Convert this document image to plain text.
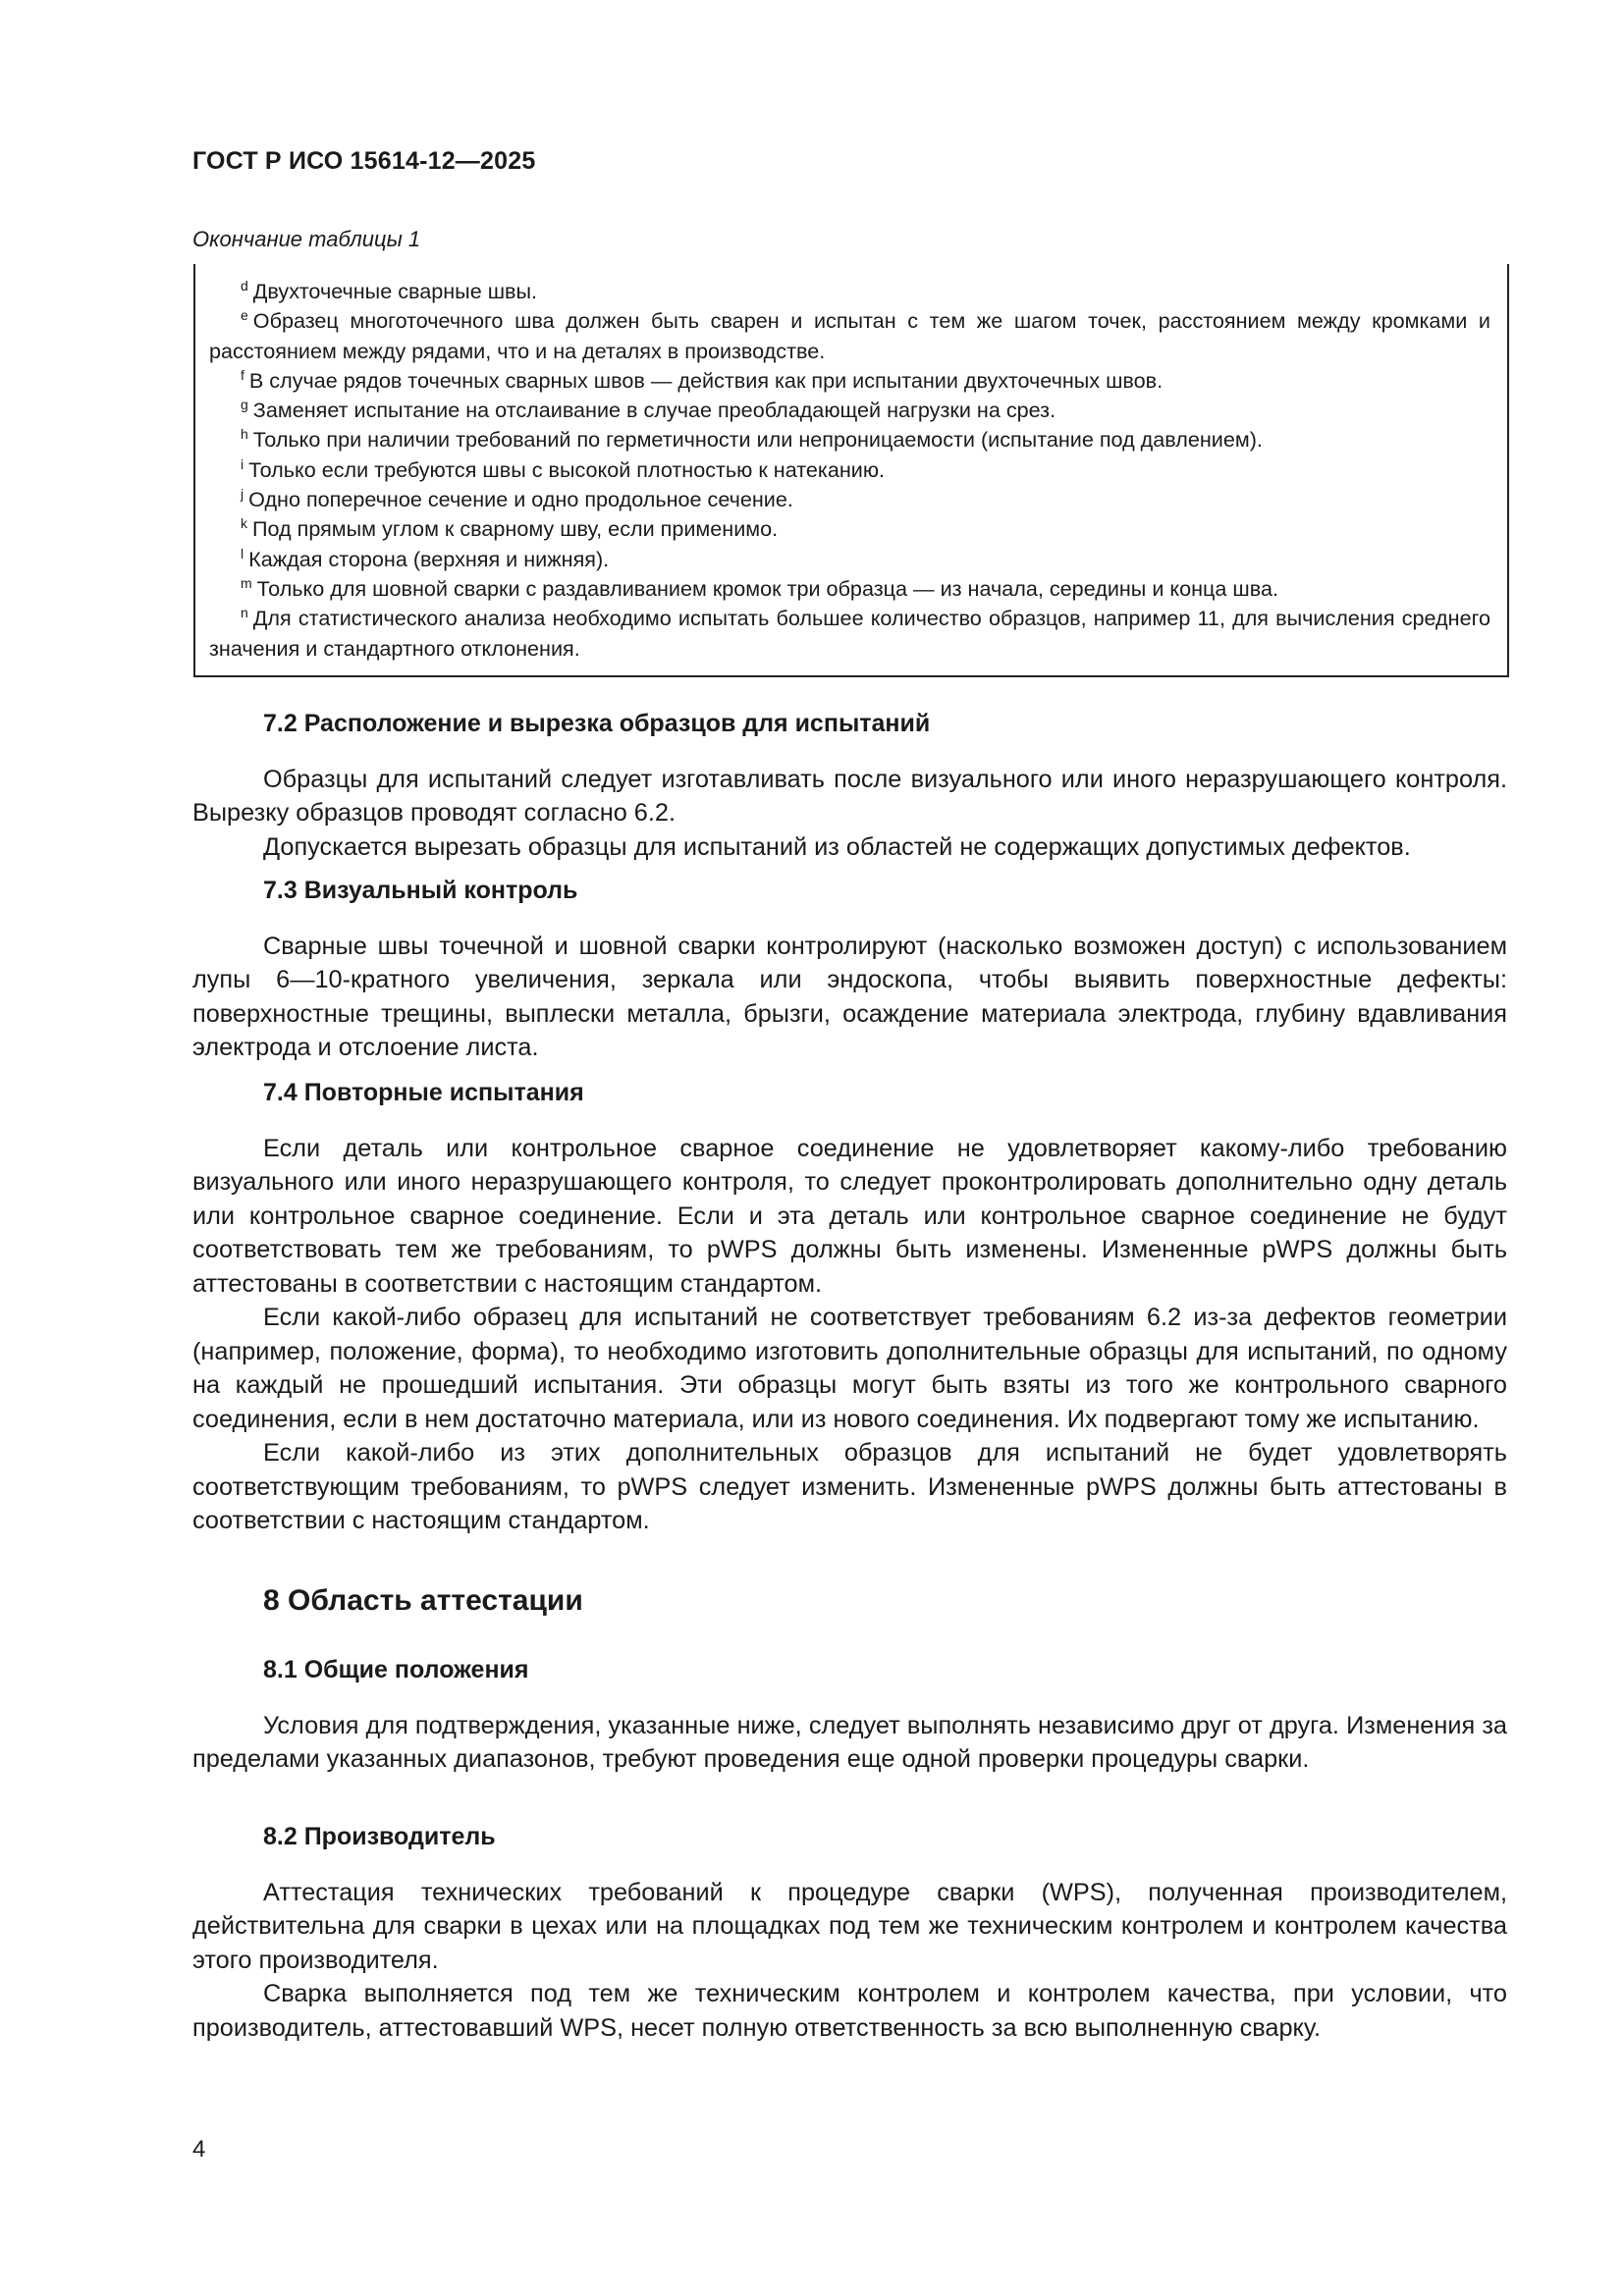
ГОСТ Р ИСО 15614-12—2025
Окончание таблицы 1

$^d$ Двухточечные сварные швы.

$^e$ Образец многоточечного шва должен быть сварен и испытан с тем же шагом точек, расстоянием между кромками и расстоянием между рядами, что и на деталях в производстве.

$^f$ В случае рядов точечных сварных швов — действия как при испытании двухточечных швов.

$^g$ Заменяет испытание на отслаивание в случае преобладающей нагрузки на срез.

$^h$ Только при наличии требований по герметичности или непроницаемости (испытание под давлением).

$^i$ Только если требуются швы с высокой плотностью к натеканию.

$^j$ Одно поперечное сечение и одно продольное сечение.

$^k$ Под прямым углом к сварному шву, если применимо.

$^l$ Каждая сторона (верхняя и нижняя).

$^m$ Только для шовной сварки с раздавливанием кромок три образца — из начала, середины и конца шва.

$^n$ Для статистического анализа необходимо испытать большее количество образцов, например 11, для вычисления среднего значения и стандартного отклонения.

7.2 Расположение и вырезка образцов для испытаний

Образцы для испытаний следует изготавливать после визуального или иного неразрушающего контроля. Вырезку образцов проводят согласно 6.2.

Допускается вырезать образцы для испытаний из областей не содержащих допустимых дефектов.

7.3 Визуальный контроль

Сварные швы точечной и шовной сварки контролируют (насколько возможен доступ) с использованием лупы 6—10-кратного увеличения, зеркала или эндоскопа, чтобы выявить поверхностные дефекты: поверхностные трещины, выплески металла, брызги, осаждение материала электрода, глубину вдавливания электрода и отслоение листа.

7.4 Повторные испытания

Если деталь или контрольное сварное соединение не удовлетворяет какому-либо требованию визуального или иного неразрушающего контроля, то следует проконтролировать дополнительно одну деталь или контрольное сварное соединение. Если и эта деталь или контрольное сварное соединение не будут соответствовать тем же требованиям, то pWPS должны быть изменены. Измененные pWPS должны быть аттестованы в соответствии с настоящим стандартом.

Если какой-либо образец для испытаний не соответствует требованиям 6.2 из-за дефектов геометрии (например, положение, форма), то необходимо изготовить дополнительные образцы для испытаний, по одному на каждый не прошедший испытания. Эти образцы могут быть взяты из того же контрольного сварного соединения, если в нем достаточно материала, или из нового соединения. Их подвергают тому же испытанию.

Если какой-либо из этих дополнительных образцов для испытаний не будет удовлетворять соответствующим требованиям, то pWPS следует изменить. Измененные pWPS должны быть аттестованы в соответствии с настоящим стандартом.

8 Область аттестации

8.1 Общие положения

Условия для подтверждения, указанные ниже, следует выполнять независимо друг от друга. Изменения за пределами указанных диапазонов, требуют проведения еще одной проверки процедуры сварки.

8.2 Производитель

Аттестация технических требований к процедуре сварки (WPS), полученная производителем, действительна для сварки в цехах или на площадках под тем же техническим контролем и контролем качества этого производителя.

Сварка выполняется под тем же техническим контролем и контролем качества, при условии, что производитель, аттестовавший WPS, несет полную ответственность за всю выполненную сварку.

4
